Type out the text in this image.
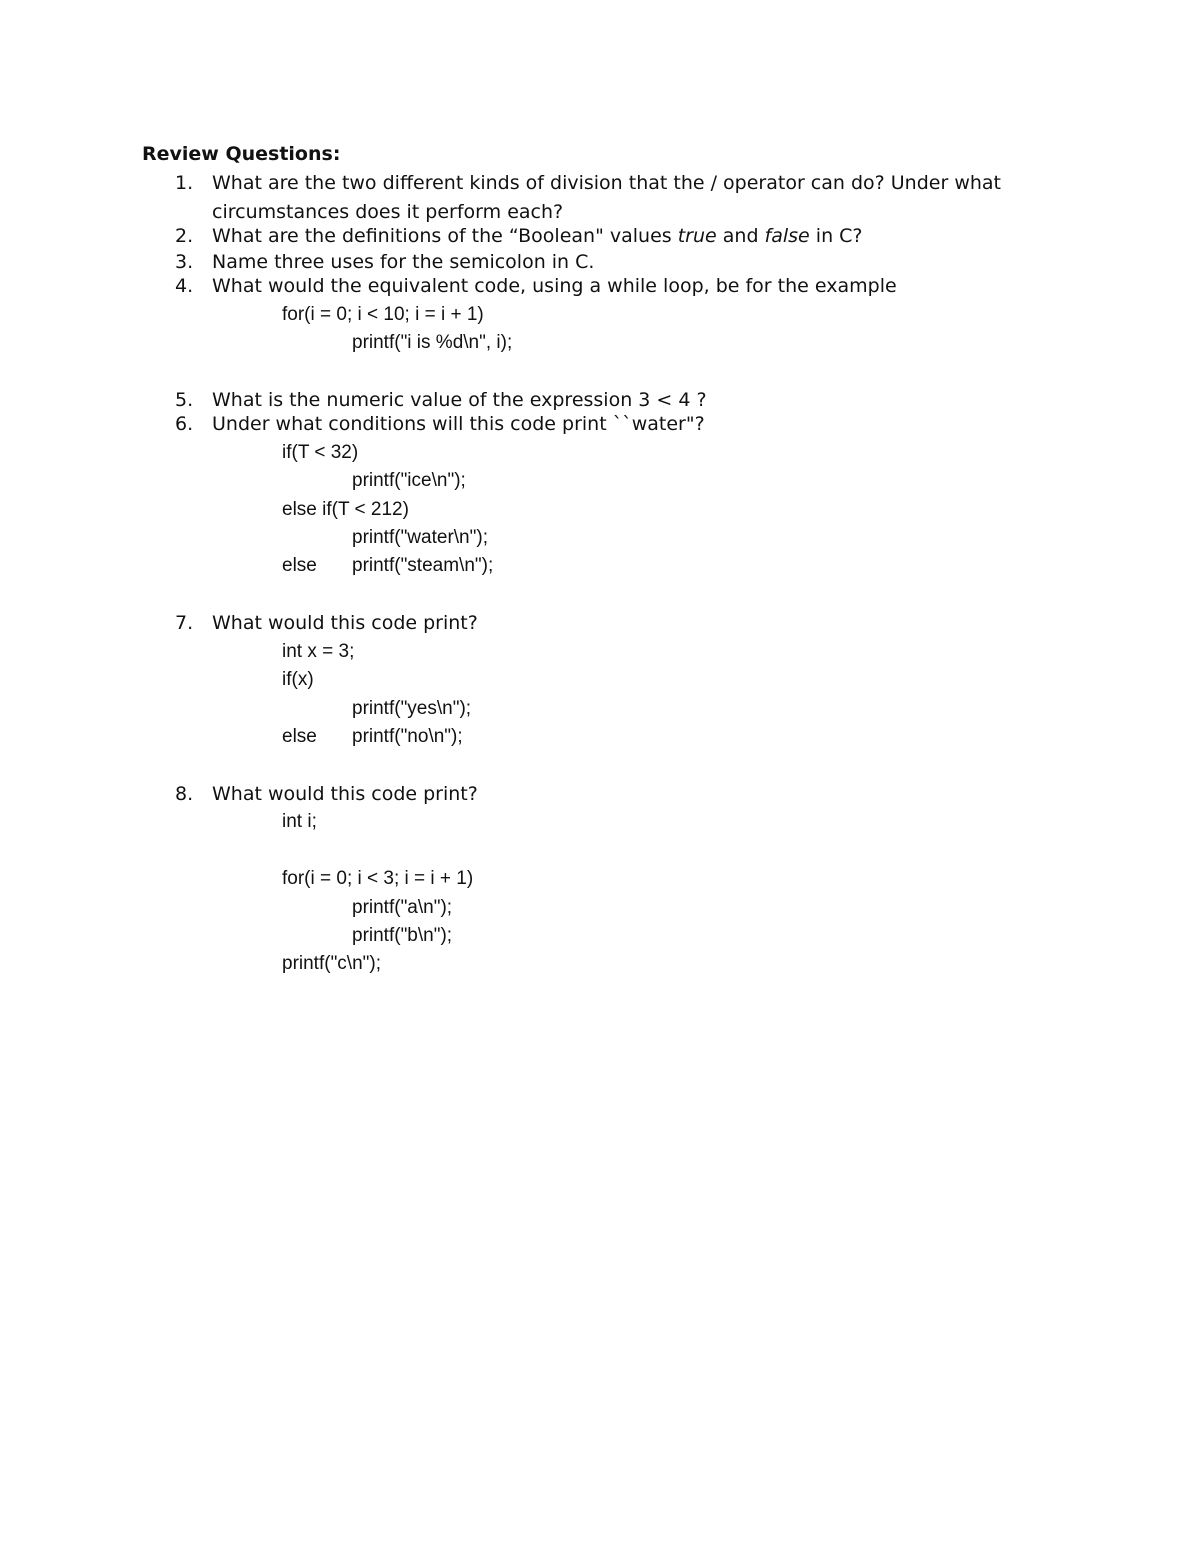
Review Questions:
1. What are the two different kinds of division that the / operator can do? Under what
circumstances does it perform each?
2. What are the definitions of the “Boolean" values true and false in C?
3. Name three uses for the semicolon in C.
4. What would the equivalent code, using a while loop, be for the example
for(i = 0; i < 10; i = i + 1)
printf("i is %d\n", i);
5. What is the numeric value of the expression 3 < 4 ?
6. Under what conditions will this code print ``water"?
if(T < 32)
printf("ice\n");
else if(T < 212)
printf("water\n");
else printf("steam\n");
7. What would this code print?
int x = 3;
if(x)
printf("yes\n");
else printf("no\n");
8. What would this code print?
int i;
for(i = 0; i < 3; i = i + 1)
printf("a\n");
printf("b\n");
printf("c\n");
